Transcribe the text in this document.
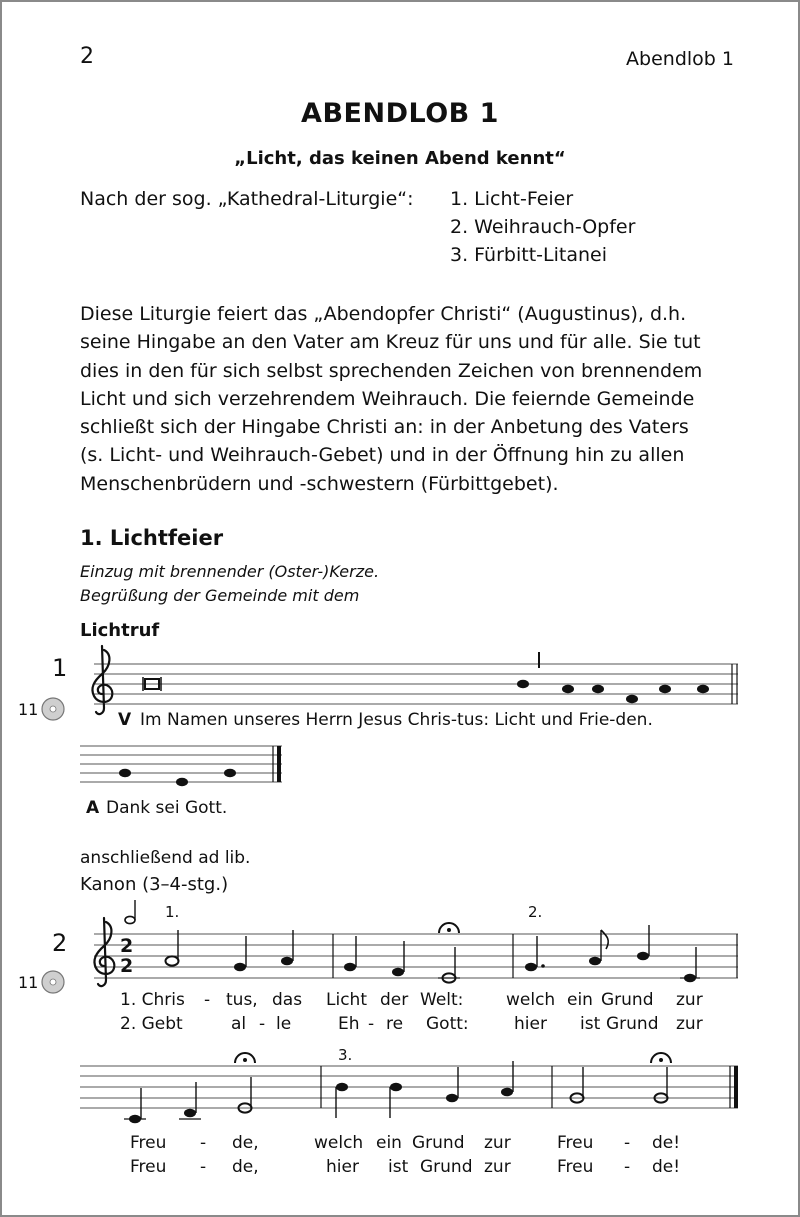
2	Abendlob 1
ABENDLOB 1
„Licht, das keinen Abend kennt“
Nach der sog. „Kathedral-Liturgie“: 1. Licht-Feier
2. Weihrauch-Opfer
3. Fürbitt-Litanei
Diese Liturgie feiert das „Abendopfer Christi“ (Augustinus), d.h.
seine Hingabe an den Vater am Kreuz für uns und für alle. Sie tut
dies in den für sich selbst sprechenden Zeichen von brennendem
Licht und sich verzehrendem Weihrauch. Die feiernde Gemeinde
schließt sich der Hingabe Christi an: in der Anbetung des Vaters
(s. Licht- und Weihrauch-Gebet) und in der Öffnung hin zu allen
Menschenbrüdern und -schwestern (Fürbittgebet).
1. Lichtfeier
Einzug mit brennender (Oster-)Kerze.
Begrüßung der Gemeinde mit dem
Lichtruf
2
2
1
11
V Im Namen unseres Herrn Jesus Chris-tus: Licht und Frie-den.
A Dank sei Gott.
anschließend ad lib.
Kanon (3–4-stg.)
2
11
1.	2.
3.
1. Chris - tus, das Licht der Welt:	welch ein Grund zur
2. Gebt	al - le	Eh - re Gott:	hier ist Grund zur
Freu - de,	welch ein Grund zur	Freu - de!
Freu - de,	hier ist Grund zur	Freu - de!
